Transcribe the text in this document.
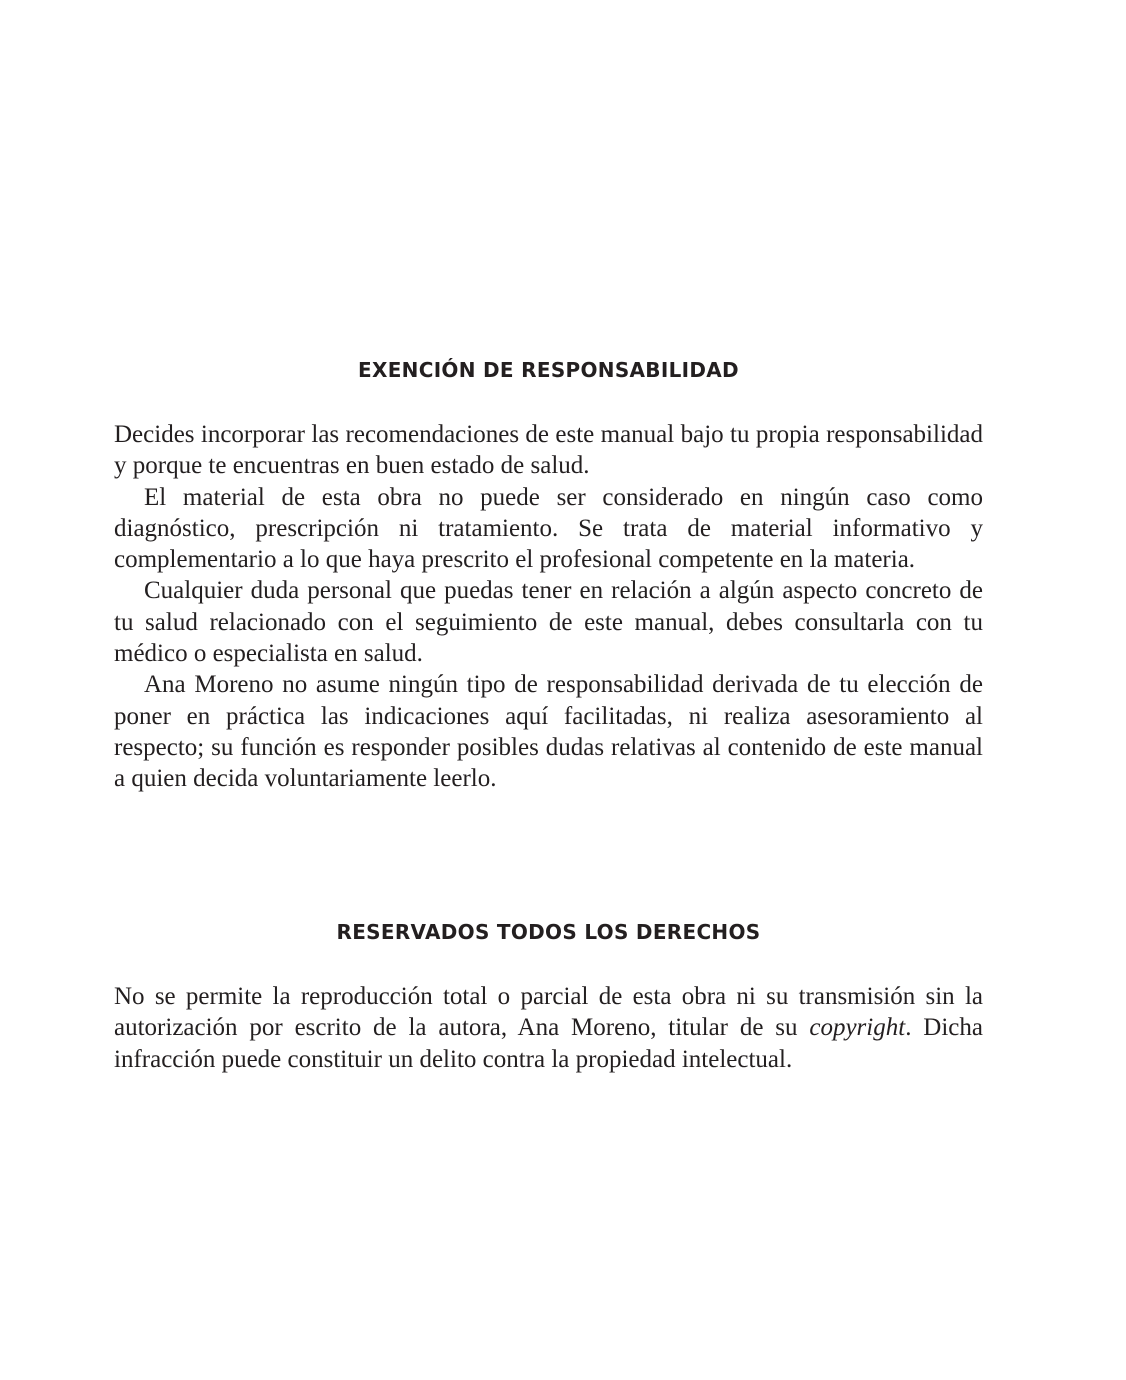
EXENCIÓN DE RESPONSABILIDAD

Decides incorporar las recomendaciones de este manual bajo tu propia responsabilidad y porque te encuentras en buen estado de salud.

El material de esta obra no puede ser considerado en ningún caso como diagnóstico, prescripción ni tratamiento. Se trata de material informativo y complementario a lo que haya prescrito el profesional competente en la materia.

Cualquier duda personal que puedas tener en relación a algún aspecto concreto de tu salud relacionado con el seguimiento de este manual, debes consultarla con tu médico o especialista en salud.

Ana Moreno no asume ningún tipo de responsabilidad derivada de tu elección de poner en práctica las indicaciones aquí facilitadas, ni realiza asesoramiento al respecto; su función es responder posibles dudas relativas al contenido de este manual a quien decida voluntariamente leerlo.

RESERVADOS TODOS LOS DERECHOS

No se permite la reproducción total o parcial de esta obra ni su transmisión sin la autorización por escrito de la autora, Ana Moreno, titular de su copyright. Dicha infracción puede constituir un delito contra la propiedad intelectual.
